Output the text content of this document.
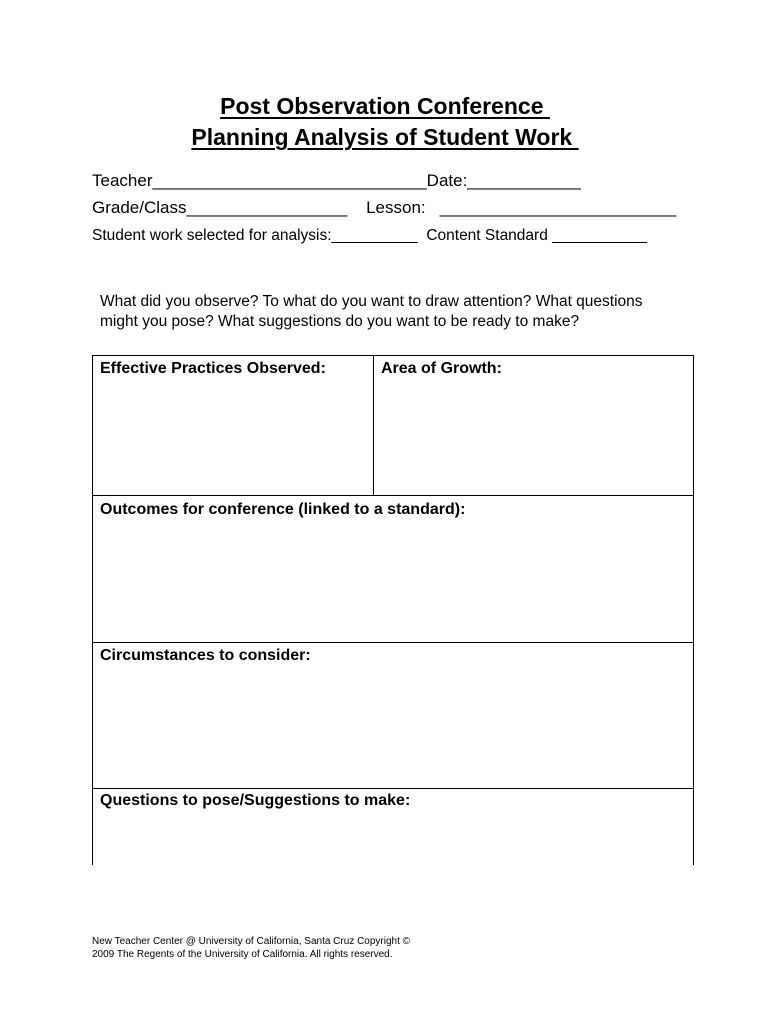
Post Observation Conference
Planning Analysis of Student Work
Teacher_____________________________Date:____________
Grade/Class_________________    Lesson:   _________________________
Student work selected for analysis:__________  Content Standard ___________
What did you observe? To what do you want to draw attention? What questions
might you pose? What suggestions do you want to be ready to make?
Effective Practices Observed:	Area of Growth:
Outcomes for conference (linked to a standard):
Circumstances to consider:
Questions to pose/Suggestions to make:
New Teacher Center @ University of California, Santa Cruz Copyright ©
2009 The Regents of the University of California. All rights reserved.
